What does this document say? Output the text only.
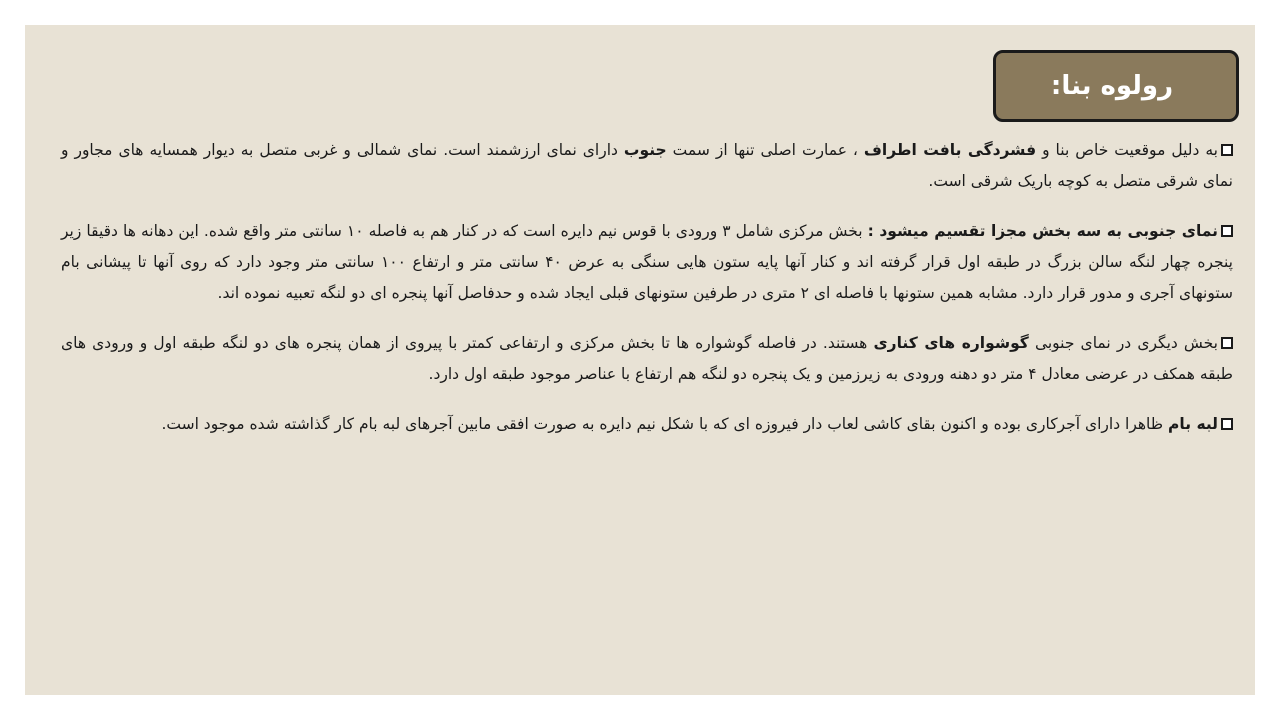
رولوه بنا:

به دلیل موقعیت خاص بنا و فشردگی بافت اطراف ، عمارت اصلی تنها از سمت جنوب دارای نمای ارزشمند است. نمای شمالی و غربی متصل به دیوار همسایه های مجاور و نمای شرقی متصل به کوچه باریک شرقی است.

نمای جنوبی به سه بخش مجزا تقسیم میشود : بخش مرکزی شامل ۳ ورودی با قوس نیم دایره است که در کنار هم به فاصله ۱۰ سانتی متر واقع شده. این دهانه ها دقیقا زیر پنجره چهار لنگه سالن بزرگ در طبقه اول قرار گرفته اند و کنار آنها پایه ستون هایی سنگی به عرض ۴۰ سانتی متر و ارتفاع ۱۰۰ سانتی متر وجود دارد که روی آنها تا پیشانی بام ستونهای آجری و مدور قرار دارد. مشابه همین ستونها با فاصله ای ۲ متری در طرفین ستونهای قبلی ایجاد شده و حدفاصل آنها پنجره ای دو لنگه تعبیه نموده اند.

بخش دیگری در نمای جنوبی گوشواره های کناری هستند. در فاصله گوشواره ها تا بخش مرکزی و ارتفاعی کمتر با پیروی از همان پنجره های دو لنگه طبقه اول و ورودی های طبقه همکف در عرضی معادل ۴ متر دو دهنه ورودی به زیرزمین و یک پنجره دو لنگه هم ارتفاع با عناصر موجود طبقه اول دارد.

لبه بام ظاهرا دارای آجرکاری بوده و اکنون بقای کاشی لعاب دار فیروزه ای که با شکل نیم دایره به صورت افقی مابین آجرهای لبه بام کار گذاشته شده موجود است.
